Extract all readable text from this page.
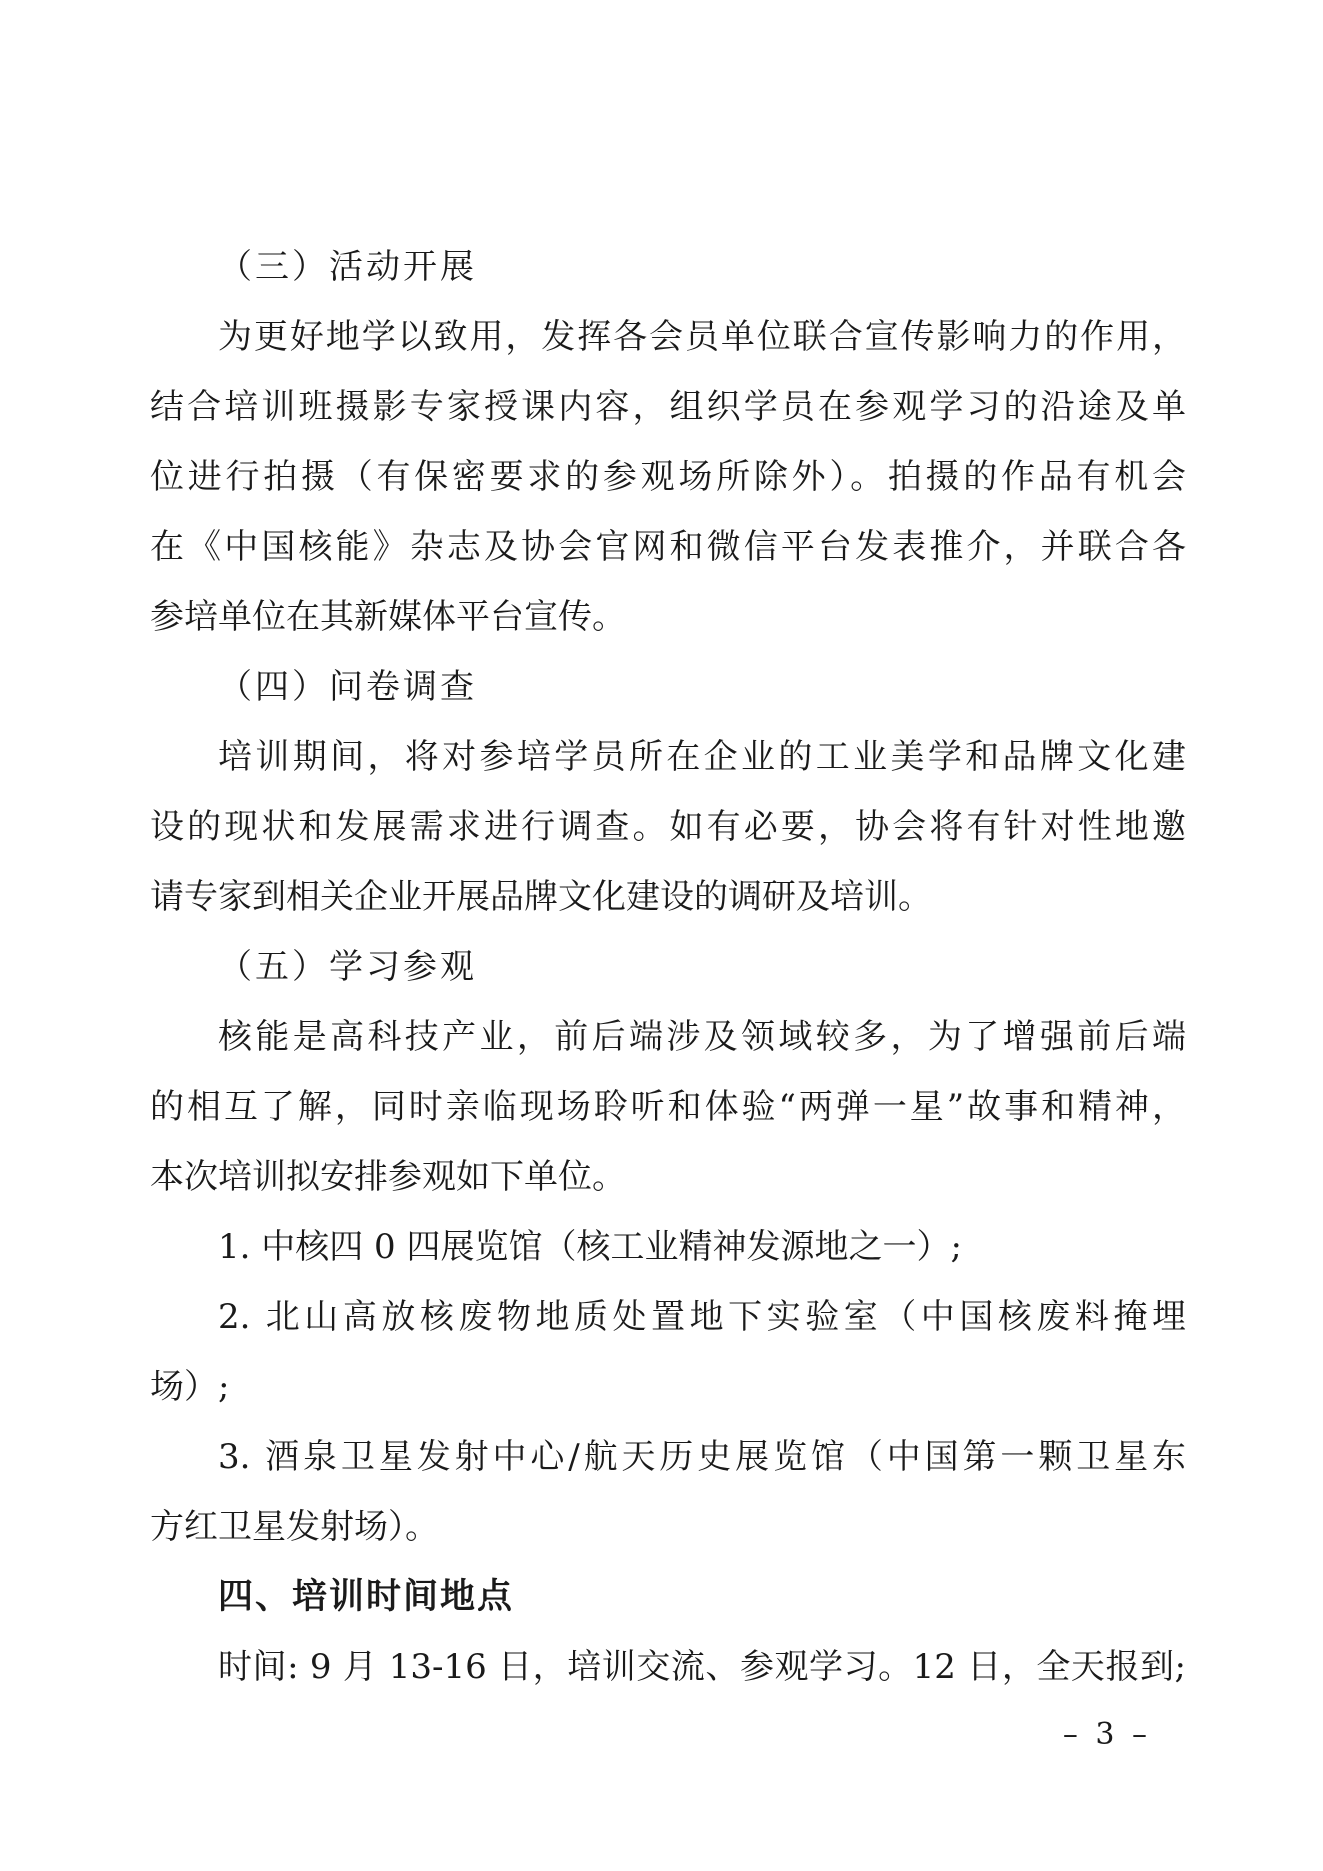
（三）活动开展
为更好地学以致用，发挥各会员单位联合宣传影响力的作用，
结合培训班摄影专家授课内容，组织学员在参观学习的沿途及单
位进行拍摄（有保密要求的参观场所除外）。拍摄的作品有机会
在《中国核能》杂志及协会官网和微信平台发表推介，并联合各
参培单位在其新媒体平台宣传。
（四）问卷调查
培训期间，将对参培学员所在企业的工业美学和品牌文化建
设的现状和发展需求进行调查。如有必要，协会将有针对性地邀
请专家到相关企业开展品牌文化建设的调研及培训。
（五）学习参观
核能是高科技产业，前后端涉及领域较多，为了增强前后端
的相互了解，同时亲临现场聆听和体验“两弹一星”故事和精神，
本次培训拟安排参观如下单位。
1. 中核四 0 四展览馆（核工业精神发源地之一）;
2. 北山高放核废物地质处置地下实验室（中国核废料掩埋
场）;
3. 酒泉卫星发射中心/航天历史展览馆（中国第一颗卫星东
方红卫星发射场）。
四、培训时间地点
时间: 9 月 13-16 日，培训交流、参观学习。12 日，全天报到;
– 3 –
